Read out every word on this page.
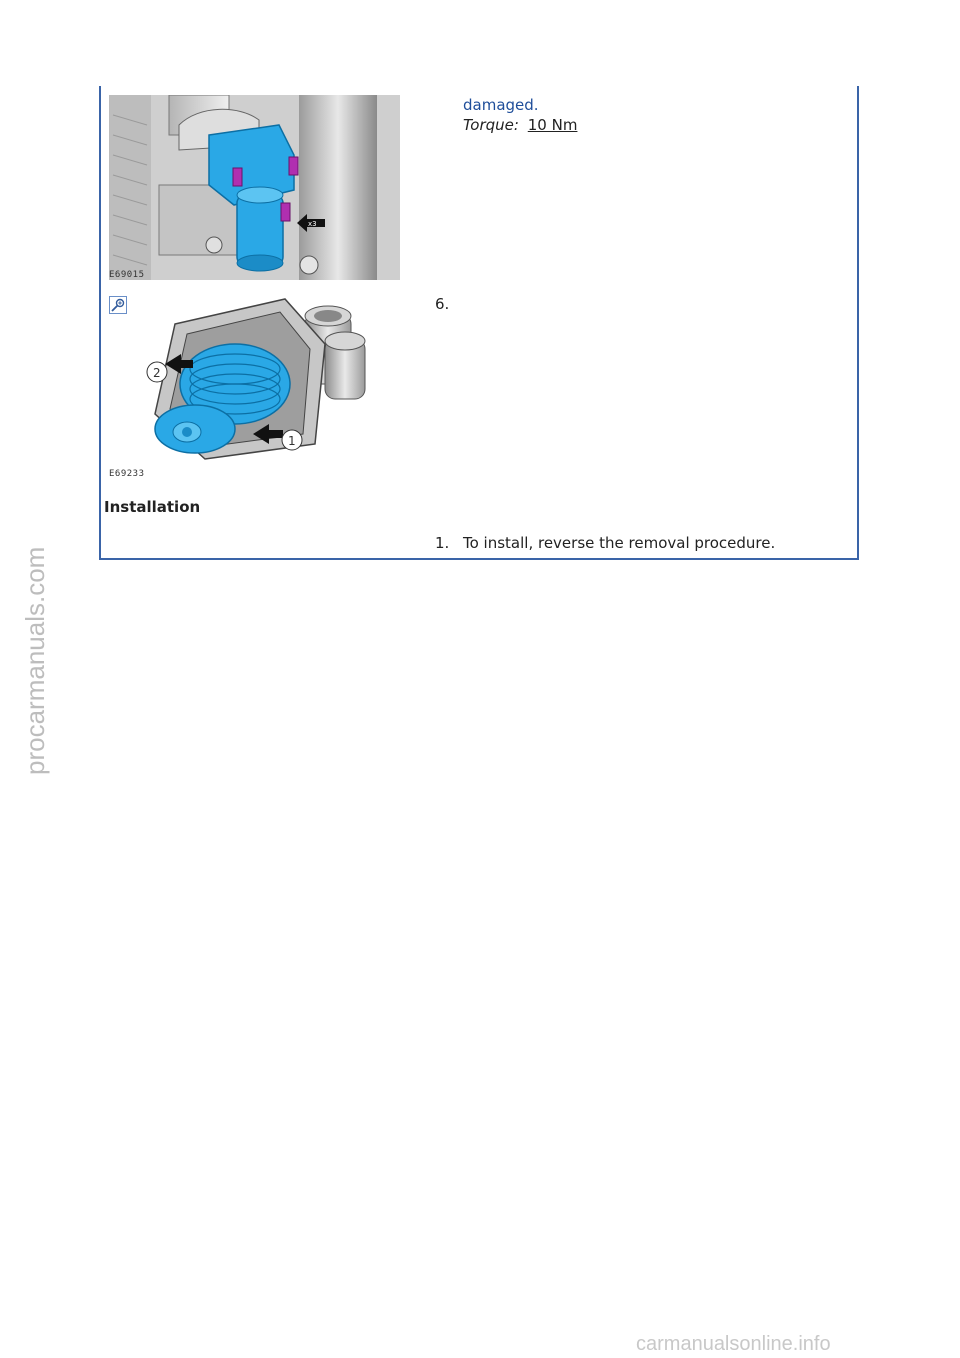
x3
E69015
damaged.
Torque: 10 Nm
2
1
E69233
6.
Installation
1. To install, reverse the removal procedure.
procarmanuals.com
carmanualsonline.info
